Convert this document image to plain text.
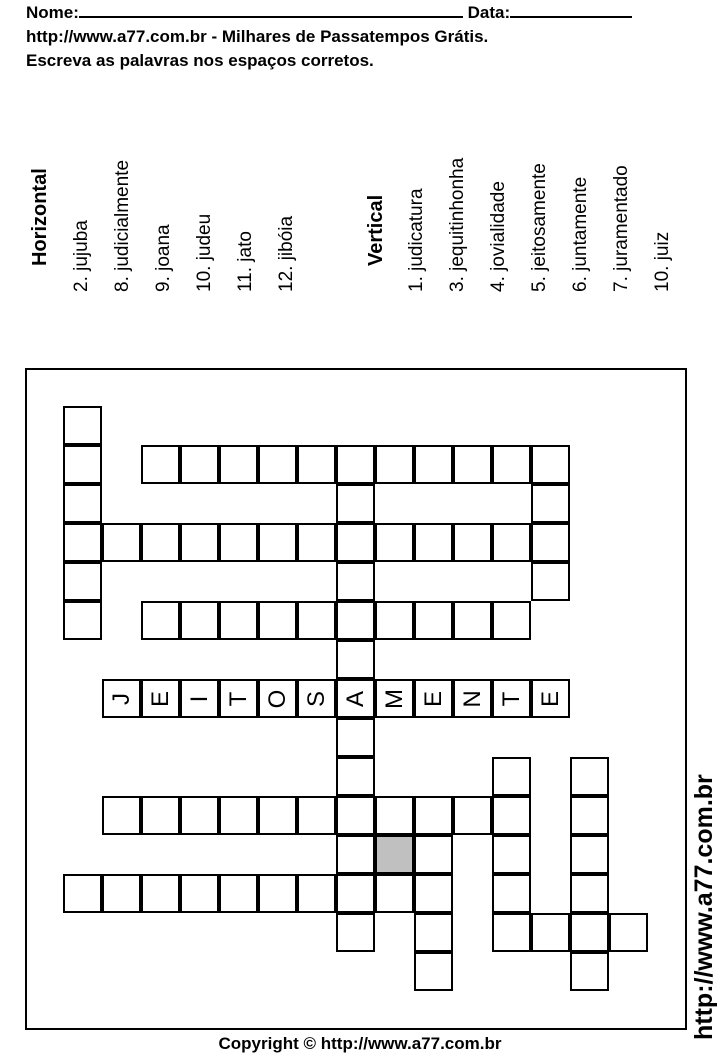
Nome:	Data:
http://www.a77.com.br - Milhares de Passatempos Grátis.
Escreva as palavras nos espaços corretos.
Horizontal 2. jujuba 8. judicialmente 9. joana 10. judeu 11. jato 12. jibóia	Vertical 1. judicatura 3. jequitinhonha 4. jovialidade 5. jeitosamente 6. juntamente 7. juramentado 10. juiz
J E I T O S A M E N T E
http://www.a77.com.br
Copyright © http://www.a77.com.br
